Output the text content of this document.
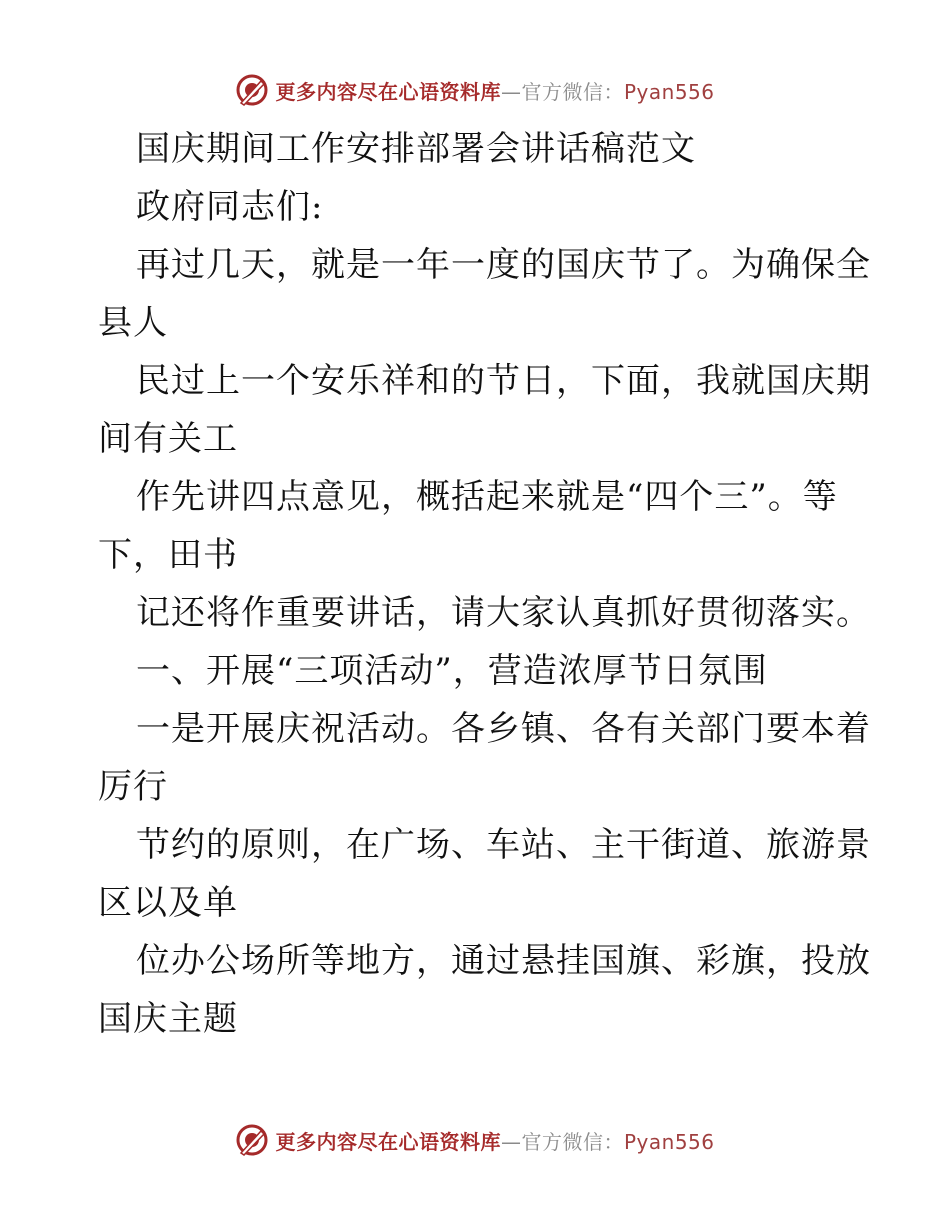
更多内容尽在心语资料库—官方微信：Pyan556
国庆期间工作安排部署会讲话稿范文
政府同志们:
再过几天，就是一年一度的国庆节了。为确保全
县人
民过上一个安乐祥和的节日，下面，我就国庆期
间有关工
作先讲四点意见，概括起来就是“四个三”。等
下，田书
记还将作重要讲话，请大家认真抓好贯彻落实。
一、开展“三项活动”，营造浓厚节日氛围
一是开展庆祝活动。各乡镇、各有关部门要本着
厉行
节约的原则，在广场、车站、主干街道、旅游景
区以及单
位办公场所等地方，通过悬挂国旗、彩旗，投放
国庆主题
更多内容尽在心语资料库—官方微信：Pyan556
